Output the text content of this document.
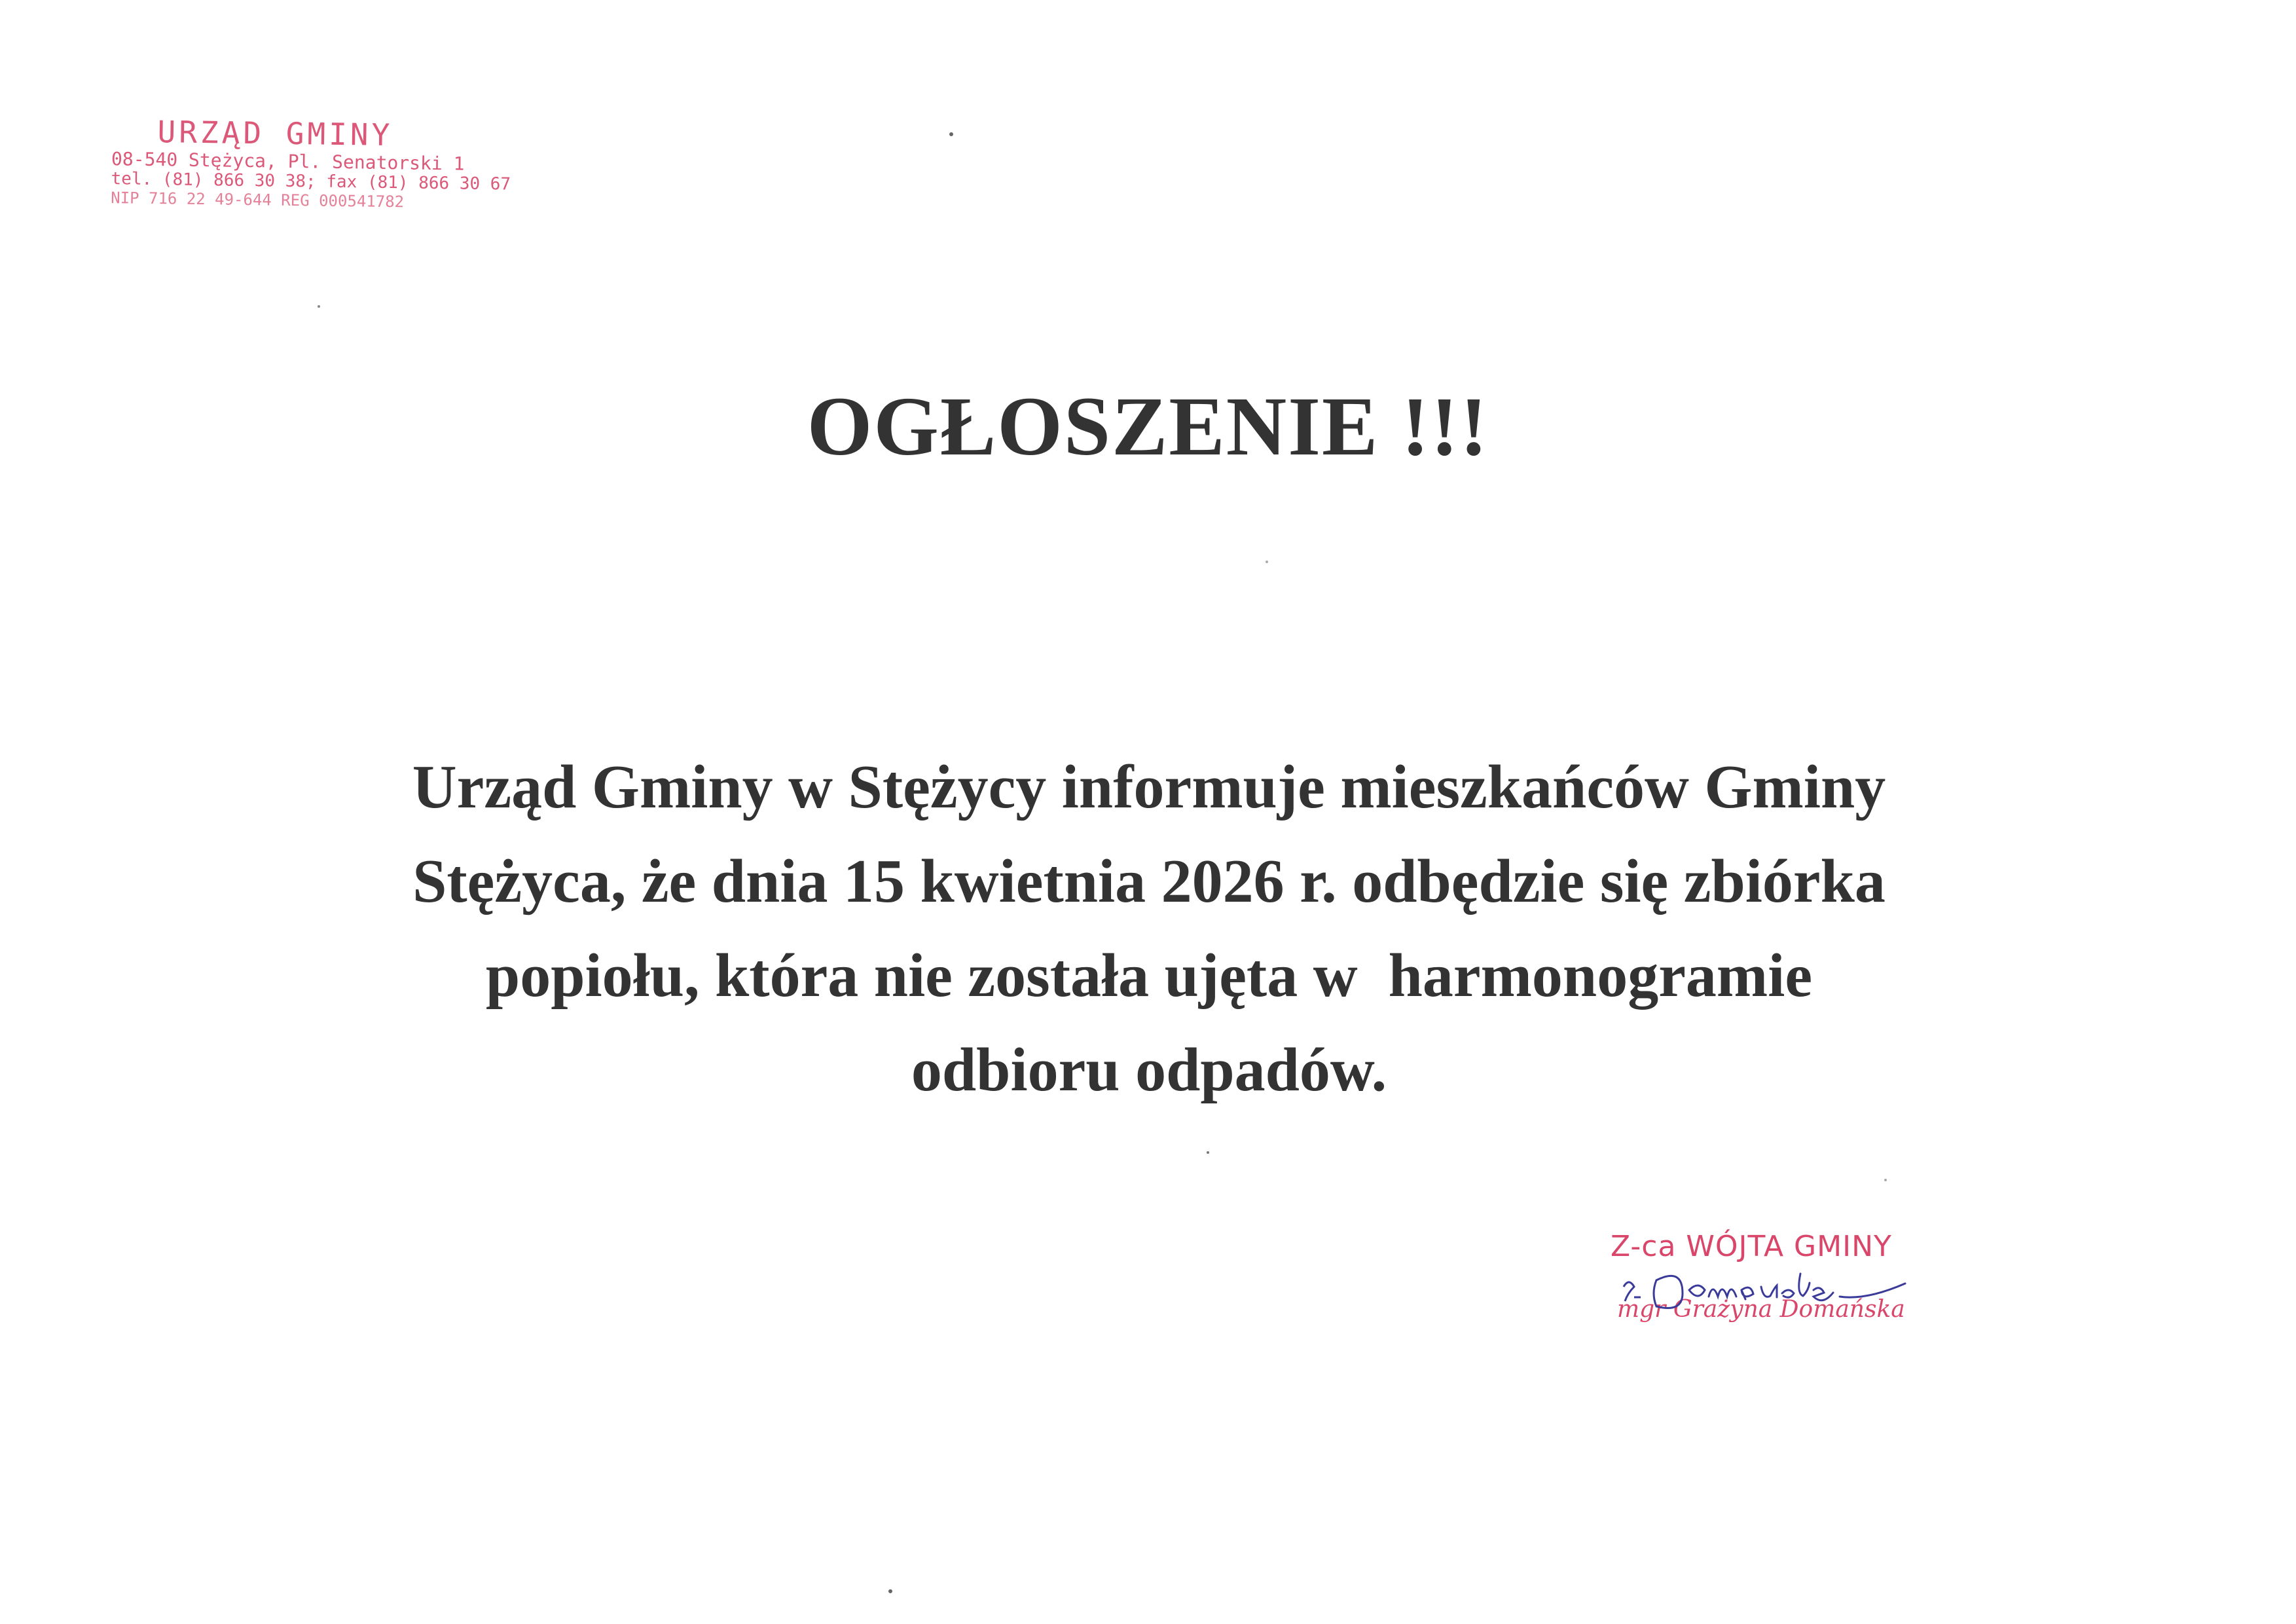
URZĄD GMINY
08-540 Stężyca, Pl. Senatorski 1
tel. (81) 866 30 38; fax (81) 866 30 67
NIP 716 22 49-644 REG 000541782
OGŁOSZENIE !!!

Urząd Gminy w Stężycy informuje mieszkańców Gminy
Stężyca, że dnia 15 kwietnia 2026 r. odbędzie się zbiórka
popiołu, która nie została ujęta w  harmonogramie
odbioru odpadów.

Z-ca WÓJTA GMINY
mgr Grażyna Domańska
